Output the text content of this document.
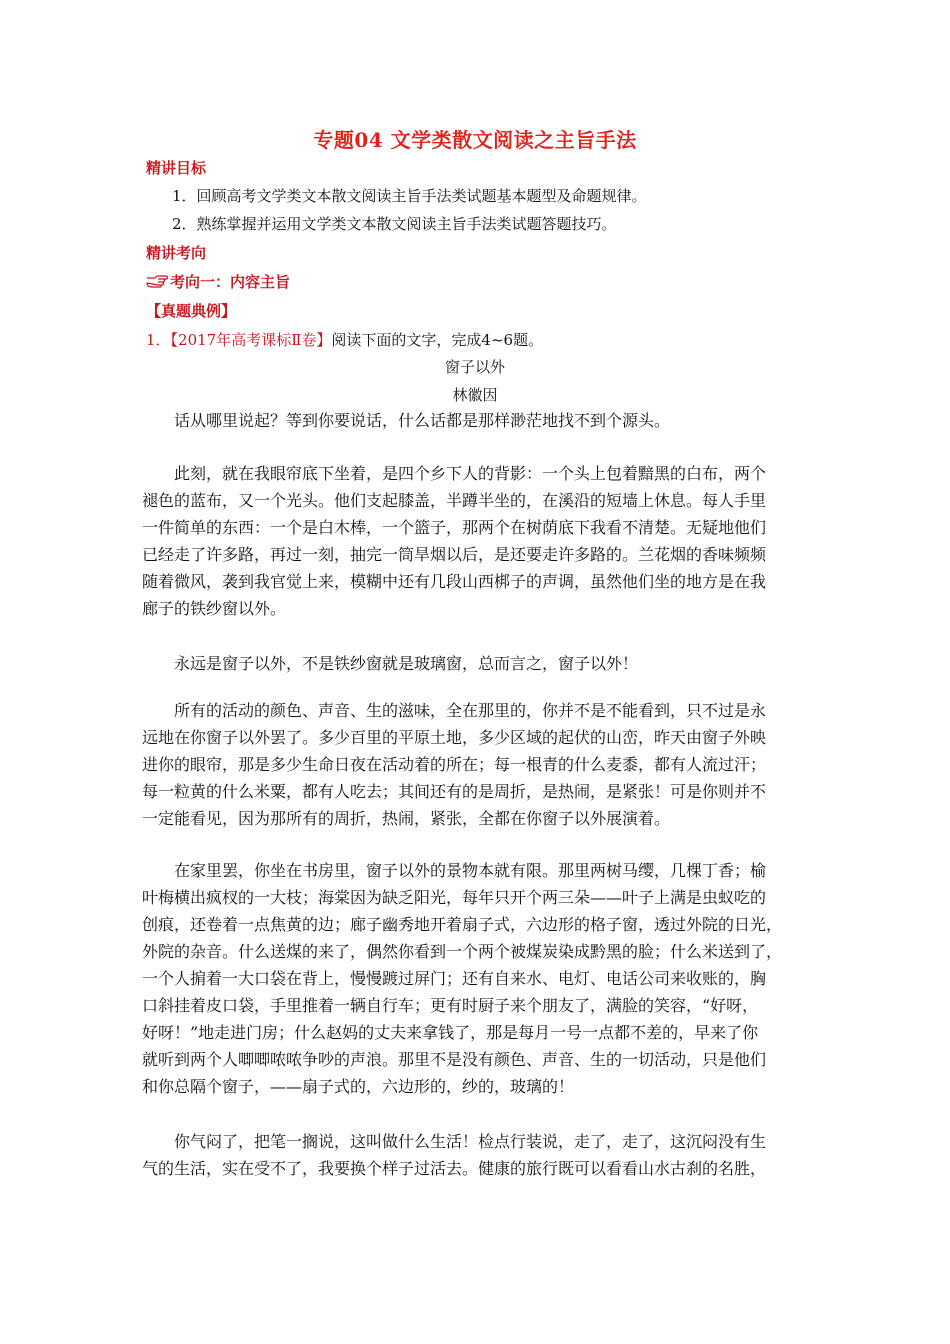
专题04 文学类散文阅读之主旨手法
精讲目标
1．回顾高考文学类文本散文阅读主旨手法类试题基本题型及命题规律。
2．熟练掌握并运用文学类文本散文阅读主旨手法类试题答题技巧。
精讲考向
考向一：内容主旨
【真题典例】
1．【2017年高考课标Ⅱ卷】阅读下面的文字，完成4~6题。
窗子以外
林徽因

话从哪里说起？等到你要说话，什么话都是那样渺茫地找不到个源头。

此刻，就在我眼帘底下坐着，是四个乡下人的背影：一个头上包着黯黑的白布，两个

褪色的蓝布，又一个光头。他们支起膝盖，半蹲半坐的，在溪沿的短墙上休息。每人手里

一件简单的东西：一个是白木棒，一个篮子，那两个在树荫底下我看不清楚。无疑地他们

已经走了许多路，再过一刻，抽完一筒旱烟以后，是还要走许多路的。兰花烟的香味频频

随着微风，袭到我官觉上来，模糊中还有几段山西梆子的声调，虽然他们坐的地方是在我

廊子的铁纱窗以外。

永远是窗子以外，不是铁纱窗就是玻璃窗，总而言之，窗子以外！

所有的活动的颜色、声音、生的滋味，全在那里的，你并不是不能看到，只不过是永

远地在你窗子以外罢了。多少百里的平原土地，多少区域的起伏的山峦，昨天由窗子外映

进你的眼帘，那是多少生命日夜在活动着的所在；每一根青的什么麦黍，都有人流过汗；

每一粒黄的什么米粟，都有人吃去；其间还有的是周折，是热闹，是紧张！可是你则并不

一定能看见，因为那所有的周折，热闹，紧张，全都在你窗子以外展演着。

在家里罢，你坐在书房里，窗子以外的景物本就有限。那里两树马缨，几棵丁香；榆

叶梅横出疯杈的一大枝；海棠因为缺乏阳光，每年只开个两三朵——叶子上满是虫蚁吃的

创痕，还卷着一点焦黄的边；廊子幽秀地开着扇子式，六边形的格子窗，透过外院的日光，

外院的杂音。什么送煤的来了，偶然你看到一个两个被煤炭染成黔黑的脸；什么米送到了，

一个人掮着一大口袋在背上，慢慢踱过屏门；还有自来水、电灯、电话公司来收账的，胸

口斜挂着皮口袋，手里推着一辆自行车；更有时厨子来个朋友了，满脸的笑容，“好呀，

好呀！”地走进门房；什么赵妈的丈夫来拿钱了，那是每月一号一点都不差的，早来了你

就听到两个人唧唧哝哝争吵的声浪。那里不是没有颜色、声音、生的一切活动，只是他们

和你总隔个窗子，——扇子式的，六边形的，纱的，玻璃的！

你气闷了，把笔一搁说，这叫做什么生活！检点行装说，走了，走了，这沉闷没有生

气的生活，实在受不了，我要换个样子过活去。健康的旅行既可以看看山水古刹的名胜，
